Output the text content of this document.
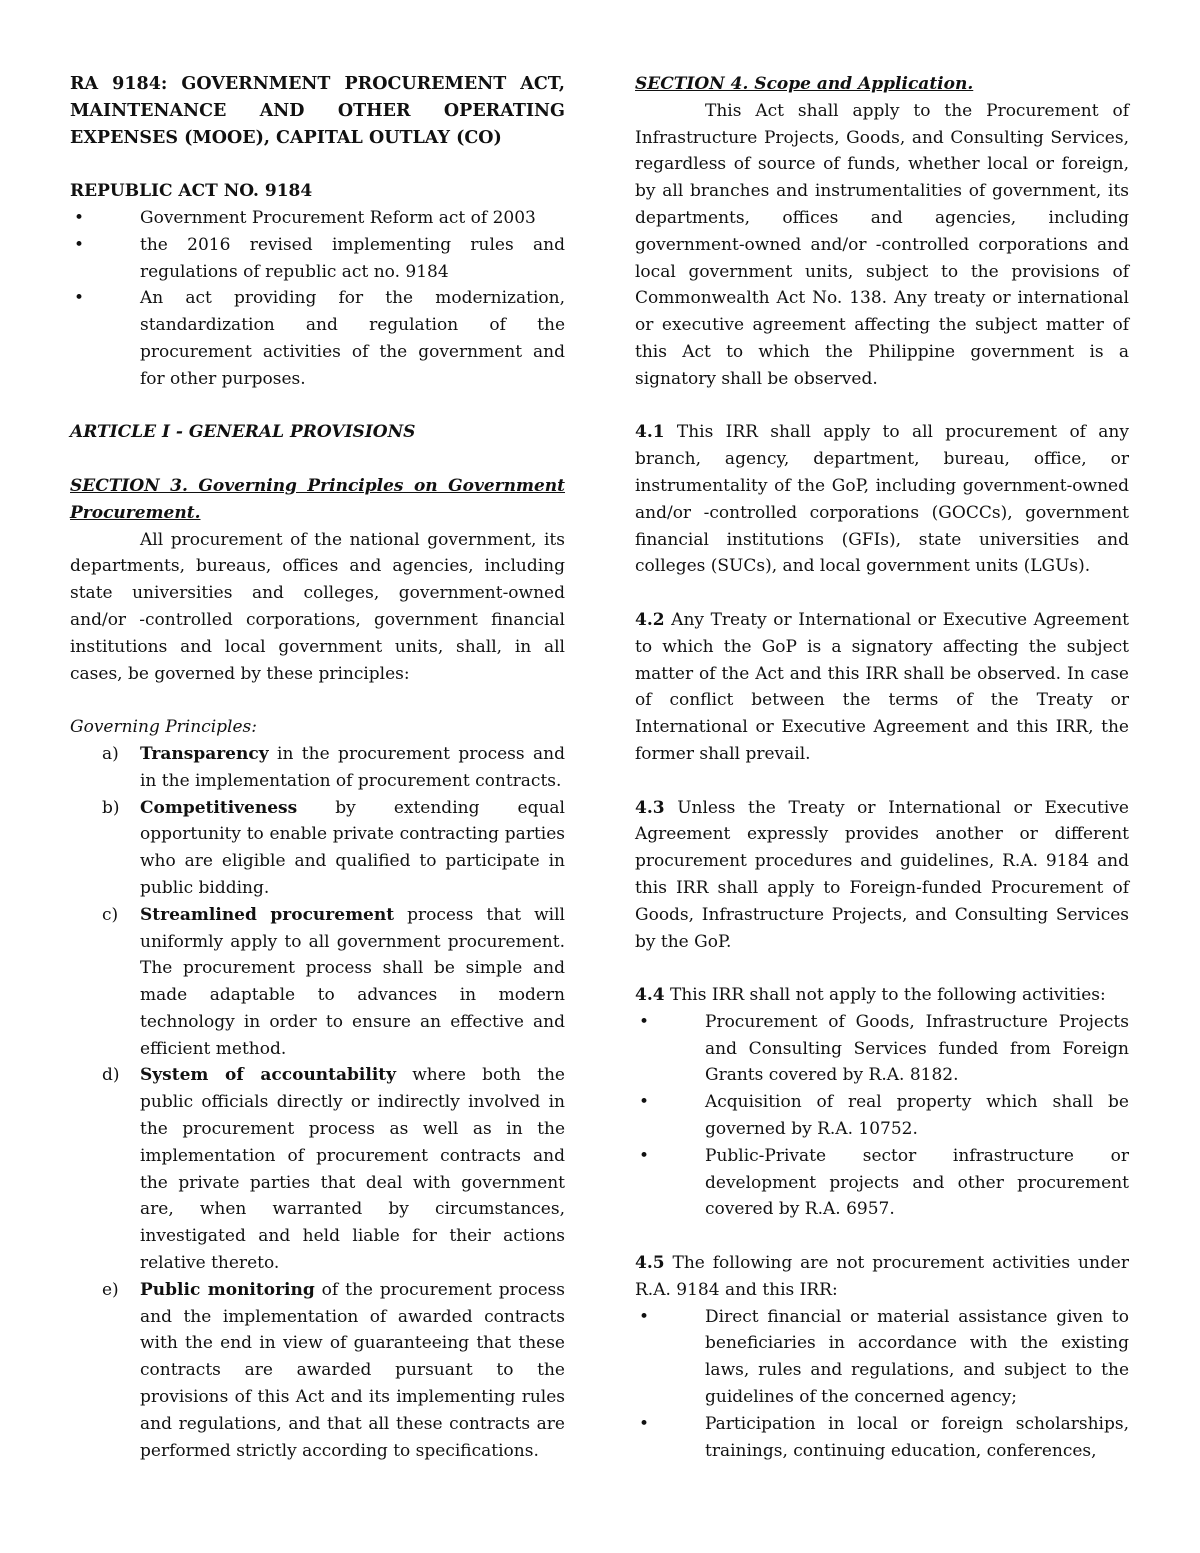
RA 9184: GOVERNMENT PROCUREMENT ACT, MAINTENANCE AND OTHER OPERATING EXPENSES (MOOE), CAPITAL OUTLAY (CO)

REPUBLIC ACT NO. 9184

• Government Procurement Reform act of 2003
• the 2016 revised implementing rules and regulations of republic act no. 9184
• An act providing for the modernization, standardization and regulation of the procurement activities of the government and for other purposes.

ARTICLE I - GENERAL PROVISIONS

SECTION 3. Governing Principles on Government Procurement.

All procurement of the national government, its departments, bureaus, offices and agencies, including state universities and colleges, government-owned and/or -controlled corporations, government financial institutions and local government units, shall, in all cases, be governed by these principles:

Governing Principles:

a) Transparency in the procurement process and in the implementation of procurement contracts.
b) Competitiveness by extending equal opportunity to enable private contracting parties who are eligible and qualified to participate in public bidding.
c) Streamlined procurement process that will uniformly apply to all government procurement. The procurement process shall be simple and made adaptable to advances in modern technology in order to ensure an effective and efficient method.
d) System of accountability where both the public officials directly or indirectly involved in the procurement process as well as in the implementation of procurement contracts and the private parties that deal with government are, when warranted by circumstances, investigated and held liable for their actions relative thereto.
e) Public monitoring of the procurement process and the implementation of awarded contracts with the end in view of guaranteeing that these contracts are awarded pursuant to the provisions of this Act and its implementing rules and regulations, and that all these contracts are performed strictly according to specifications.

SECTION 4. Scope and Application.

This Act shall apply to the Procurement of Infrastructure Projects, Goods, and Consulting Services, regardless of source of funds, whether local or foreign, by all branches and instrumentalities of government, its departments, offices and agencies, including government-owned and/or -controlled corporations and local government units, subject to the provisions of Commonwealth Act No. 138. Any treaty or international or executive agreement affecting the subject matter of this Act to which the Philippine government is a signatory shall be observed.

4.1 This IRR shall apply to all procurement of any branch, agency, department, bureau, office, or instrumentality of the GoP, including government-owned and/or -controlled corporations (GOCCs), government financial institutions (GFIs), state universities and colleges (SUCs), and local government units (LGUs).

4.2 Any Treaty or International or Executive Agreement to which the GoP is a signatory affecting the subject matter of the Act and this IRR shall be observed. In case of conflict between the terms of the Treaty or International or Executive Agreement and this IRR, the former shall prevail.

4.3 Unless the Treaty or International or Executive Agreement expressly provides another or different procurement procedures and guidelines, R.A. 9184 and this IRR shall apply to Foreign-funded Procurement of Goods, Infrastructure Projects, and Consulting Services by the GoP.

4.4 This IRR shall not apply to the following activities:

• Procurement of Goods, Infrastructure Projects and Consulting Services funded from Foreign Grants covered by R.A. 8182.
• Acquisition of real property which shall be governed by R.A. 10752.
• Public-Private sector infrastructure or development projects and other procurement covered by R.A. 6957.

4.5 The following are not procurement activities under R.A. 9184 and this IRR:

• Direct financial or material assistance given to beneficiaries in accordance with the existing laws, rules and regulations, and subject to the guidelines of the concerned agency;
• Participation in local or foreign scholarships, trainings, continuing education, conferences,
